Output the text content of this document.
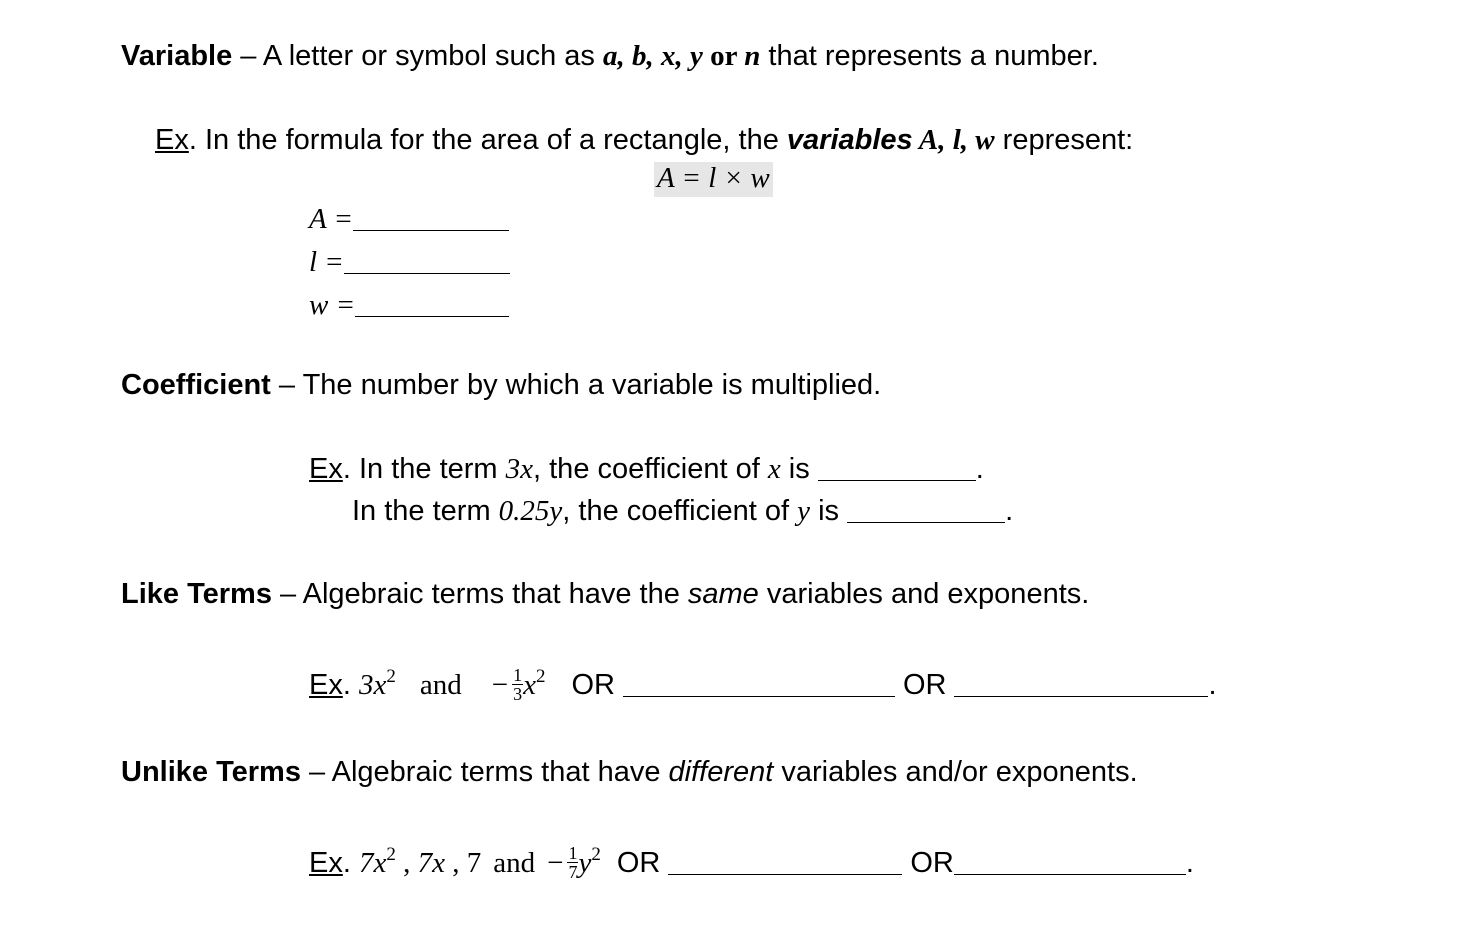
Variable – A letter or symbol such as a, b, x, y or n that represents a number.
Ex. In the formula for the area of a rectangle, the variables A, l, w represent:
A = l × w
A =
l =
w =
Coefficient – The number by which a variable is multiplied.
Ex. In the term 3x, the coefficient of x is	.
In the term 0.25y, the coefficient of y is	.
Like Terms – Algebraic terms that have the same variables and exponents.
Ex. $3x^2$ and − $\frac{1}{3} x^2$ OR	OR	.
Unlike Terms – Algebraic terms that have different variables and/or exponents.
Ex. $7x^2$ , 7x , 7 and − $\frac{1}{7} y^2$ OR	OR	.
